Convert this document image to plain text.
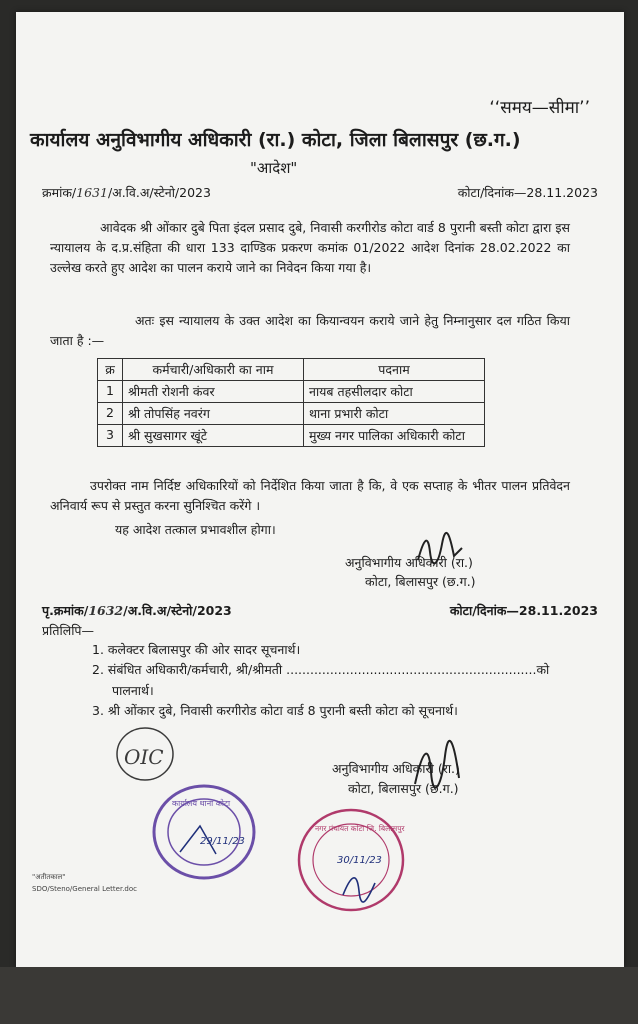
‘‘समय—सीमा’’
कार्यालय अनुविभागीय अधिकारी (रा.) कोटा, जिला बिलासपुर (छ.ग.)
"आदेश"
क्रमांक/1631/अ.वि.अ/स्टेनो/2023	कोटा/दिनांक—28.11.2023
आवेदक श्री ओंकार दुबे पिता इंदल प्रसाद दुबे, निवासी करगीरोड कोटा वार्ड 8 पुरानी बस्ती कोटा द्वारा इस न्यायालय के द.प्र.संहिता की धारा 133 दाण्डिक प्रकरण कमांक 01/2022 आदेश दिनांक 28.02.2022 का उल्लेख करते हुए आदेश का पालन कराये जाने का निवेदन किया गया है।
अतः इस न्यायालय के उक्त आदेश का कियान्वयन कराये जाने हेतु निम्नानुसार दल गठित किया जाता है :—
क्र	कर्मचारी/अधिकारी का नाम	पदनाम
1	श्रीमती रोशनी कंवर	नायब तहसीलदार कोटा
2	श्री तोपसिंह नवरंग	थाना प्रभारी कोटा
3	श्री सुखसागर खूंटे	मुख्य नगर पालिका अधिकारी कोटा
उपरोक्त नाम निर्दिष्ट अधिकारियों को निर्देशित किया जाता है कि, वे एक सप्ताह के भीतर पालन प्रतिवेदन अनिवार्य रूप से प्रस्तुत करना सुनिश्चित करेंगे ।
यह आदेश तत्काल प्रभावशील होगा।
अनुविभागीय अधिकारी (रा.)
कोटा, बिलासपुर (छ.ग.)
पृ.क्रमांक/1632/अ.वि.अ/स्टेनो/2023	कोटा/दिनांक—28.11.2023
प्रतिलिपि—
1. कलेक्टर बिलासपुर की ओर सादर सूचनार्थ।
2. संबंधित अधिकारी/कर्मचारी, श्री/श्रीमती ...............................................................को
पालनार्थ।
3. श्री ओंकार दुबे, निवासी करगीरोड कोटा वार्ड 8 पुरानी बस्ती कोटा को सूचनार्थ।
OIC	अनुविभागीय अधिकारी (रा.)
कोटा, बिलासपुर (छ.ग.)
कार्यालय थाना कोटा
29/11/23
नगर पंचायत कोटा जि. बिलासपुर
30/11/23
"अतीतकाल"
SDO/Steno/General Letter.doc
